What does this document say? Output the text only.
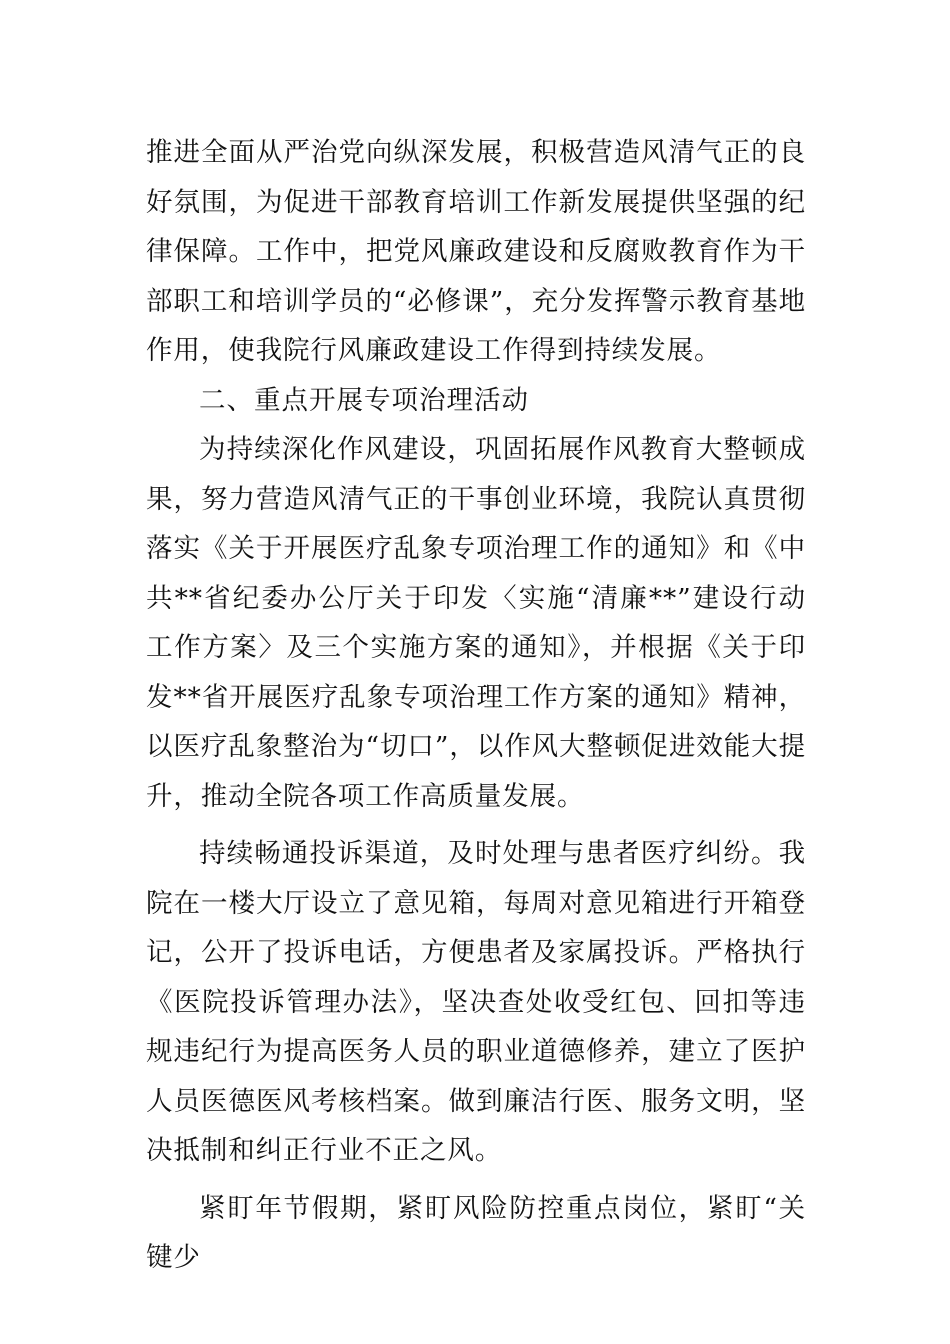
推进全面从严治党向纵深发展，积极营造风清气正的良好氛围，为促进干部教育培训工作新发展提供坚强的纪律保障。工作中，把党风廉政建设和反腐败教育作为干部职工和培训学员的“必修课”，充分发挥警示教育基地作用，使我院行风廉政建设工作得到持续发展。

二、重点开展专项治理活动

为持续深化作风建设，巩固拓展作风教育大整顿成果，努力营造风清气正的干事创业环境，我院认真贯彻落实《关于开展医疗乱象专项治理工作的通知》和《中共**省纪委办公厅关于印发〈实施“清廉**”建设行动工作方案〉及三个实施方案的通知》，并根据《关于印发**省开展医疗乱象专项治理工作方案的通知》精神，以医疗乱象整治为“切口”，以作风大整顿促进效能大提升，推动全院各项工作高质量发展。

持续畅通投诉渠道，及时处理与患者医疗纠纷。我院在一楼大厅设立了意见箱，每周对意见箱进行开箱登记，公开了投诉电话，方便患者及家属投诉。严格执行《医院投诉管理办法》，坚决查处收受红包、回扣等违规违纪行为提高医务人员的职业道德修养，建立了医护人员医德医风考核档案。做到廉洁行医、服务文明，坚决抵制和纠正行业不正之风。

紧盯年节假期，紧盯风险防控重点岗位，紧盯“关键少
